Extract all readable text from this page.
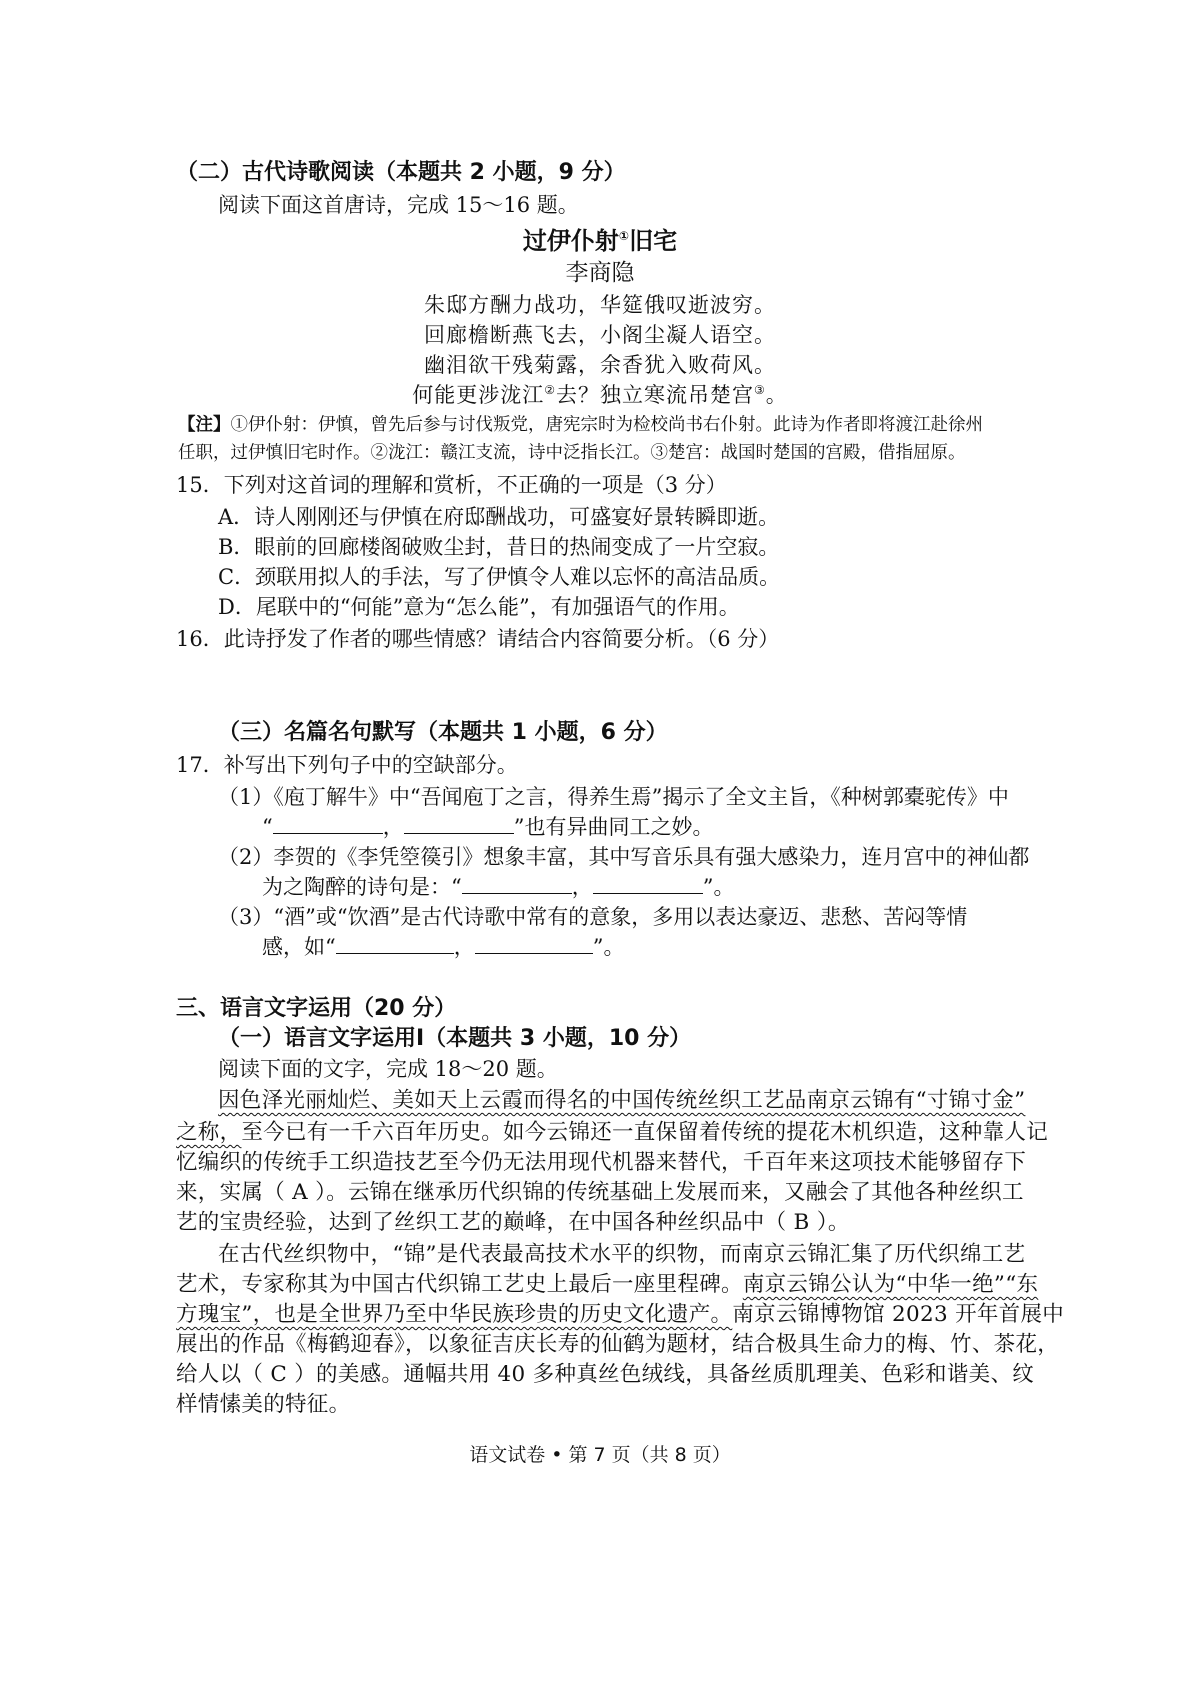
（二）古代诗歌阅读（本题共 2 小题，9 分）
阅读下面这首唐诗，完成 15～16 题。
过伊仆射①旧宅
李商隐
朱邸方酬力战功，华筵俄叹逝波穷。
回廊檐断燕飞去，小阁尘凝人语空。
幽泪欲干残菊露，余香犹入败荷风。
何能更涉泷江②去？独立寒流吊楚宫③。
【注】①伊仆射：伊慎，曾先后参与讨伐叛党，唐宪宗时为检校尚书右仆射。此诗为作者即将渡江赴徐州
任职，过伊慎旧宅时作。②泷江：赣江支流，诗中泛指长江。③楚宫：战国时楚国的宫殿，借指屈原。
15．下列对这首词的理解和赏析，不正确的一项是（3 分）
A．诗人刚刚还与伊慎在府邸酬战功，可盛宴好景转瞬即逝。
B．眼前的回廊楼阁破败尘封，昔日的热闹变成了一片空寂。
C．颈联用拟人的手法，写了伊慎令人难以忘怀的高洁品质。
D．尾联中的“何能”意为“怎么能”，有加强语气的作用。
16．此诗抒发了作者的哪些情感？请结合内容简要分析。（6 分）
（三）名篇名句默写（本题共 1 小题，6 分）
17．补写出下列句子中的空缺部分。
（1）《庖丁解牛》中“吾闻庖丁之言，得养生焉”揭示了全文主旨，《种树郭橐驼传》中
“	，	”也有异曲同工之妙。
（2）李贺的《李凭箜篌引》想象丰富，其中写音乐具有强大感染力，连月宫中的神仙都
为之陶醉的诗句是：“	，	”。
（3）“酒”或“饮酒”是古代诗歌中常有的意象，多用以表达豪迈、悲愁、苦闷等情
感，如“	，	”。
三、语言文字运用（20 分）
（一）语言文字运用Ⅰ（本题共 3 小题，10 分）
阅读下面的文字，完成 18～20 题。
因色泽光丽灿烂、美如天上云霞而得名的中国传统丝织工艺品南京云锦有“寸锦寸金”
之称，至今已有一千六百年历史。如今云锦还一直保留着传统的提花木机织造，这种靠人记
忆编织的传统手工织造技艺至今仍无法用现代机器来替代，千百年来这项技术能够留存下
来，实属（ A ）。云锦在继承历代织锦的传统基础上发展而来，又融会了其他各种丝织工
艺的宝贵经验，达到了丝织工艺的巅峰，在中国各种丝织品中（ B ）。
在古代丝织物中，“锦”是代表最高技术水平的织物，而南京云锦汇集了历代织绵工艺
艺术，专家称其为中国古代织锦工艺史上最后一座里程碑。南京云锦公认为“中华一绝”“东
方瑰宝”，也是全世界乃至中华民族珍贵的历史文化遗产。南京云锦博物馆 2023 开年首展中
展出的作品《梅鹤迎春》，以象征吉庆长寿的仙鹤为题材，结合极具生命力的梅、竹、茶花，
给人以（ C ）的美感。通幅共用 40 多种真丝色绒线，具备丝质肌理美、色彩和谐美、纹
样情愫美的特征。
语文试卷 • 第 7 页（共 8 页）
